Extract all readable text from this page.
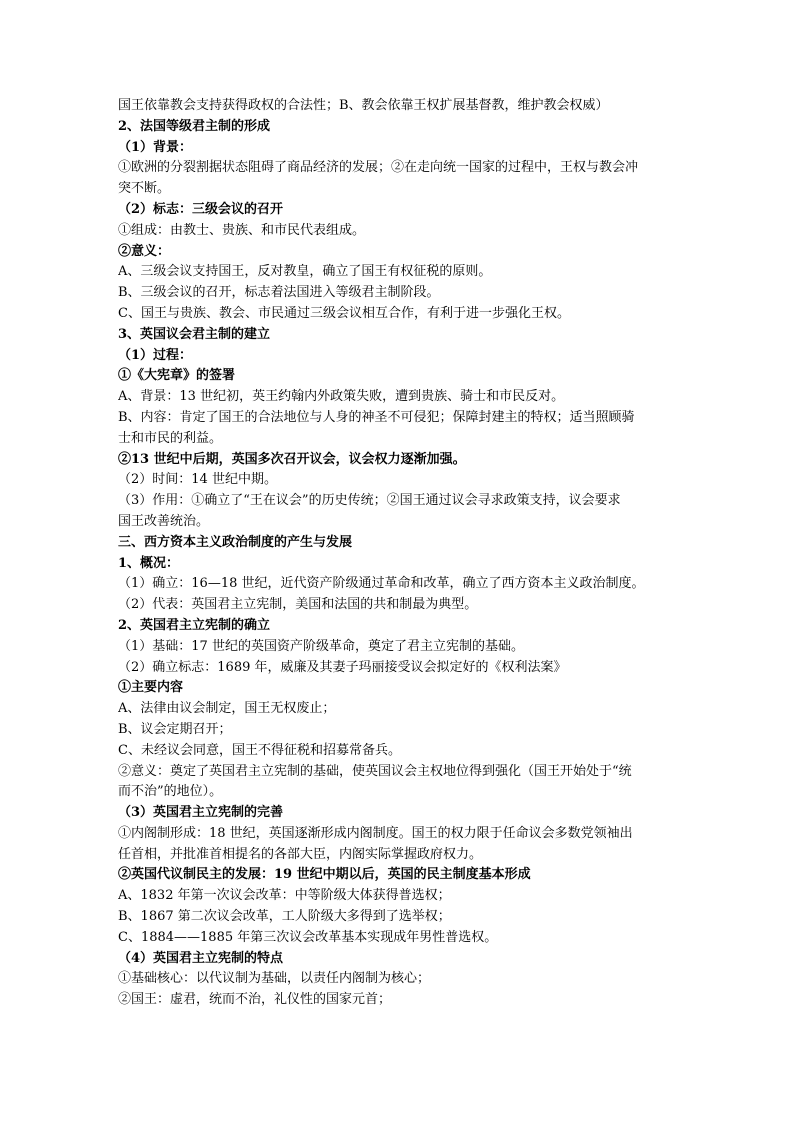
国王依靠教会支持获得政权的合法性；B、教会依靠王权扩展基督教，维护教会权威）
2、法国等级君主制的形成
（1）背景：
①欧洲的分裂割据状态阻碍了商品经济的发展；②在走向统一国家的过程中，王权与教会冲
突不断。
（2）标志：三级会议的召开
①组成：由教士、贵族、和市民代表组成。
②意义：
A、三级会议支持国王，反对教皇，确立了国王有权征税的原则。
B、三级会议的召开，标志着法国进入等级君主制阶段。
C、国王与贵族、教会、市民通过三级会议相互合作，有利于进一步强化王权。
3、英国议会君主制的建立
（1）过程：
①《大宪章》的签署
A、背景：13 世纪初，英王约翰内外政策失败，遭到贵族、骑士和市民反对。
B、内容：肯定了国王的合法地位与人身的神圣不可侵犯；保障封建主的特权；适当照顾骑
士和市民的利益。
②13 世纪中后期，英国多次召开议会，议会权力逐渐加强。
（2）时间：14 世纪中期。
（3）作用：①确立了“王在议会”的历史传统；②国王通过议会寻求政策支持，议会要求
国王改善统治。
三、西方资本主义政治制度的产生与发展
1、概况：
（1）确立：16—18 世纪，近代资产阶级通过革命和改革，确立了西方资本主义政治制度。
（2）代表：英国君主立宪制，美国和法国的共和制最为典型。
2、英国君主立宪制的确立
（1）基础：17 世纪的英国资产阶级革命，奠定了君主立宪制的基础。
（2）确立标志：1689 年，威廉及其妻子玛丽接受议会拟定好的《权利法案》
①主要内容
A、法律由议会制定，国王无权废止；
B、议会定期召开；
C、未经议会同意，国王不得征税和招募常备兵。
②意义：奠定了英国君主立宪制的基础，使英国议会主权地位得到强化（国王开始处于“统
而不治”的地位）。
（3）英国君主立宪制的完善
①内阁制形成：18 世纪，英国逐渐形成内阁制度。国王的权力限于任命议会多数党领袖出
任首相，并批准首相提名的各部大臣，内阁实际掌握政府权力。
②英国代议制民主的发展：19 世纪中期以后，英国的民主制度基本形成
A、1832 年第一次议会改革：中等阶级大体获得普选权；
B、1867 第二次议会改革，工人阶级大多得到了选举权；
C、1884——1885 年第三次议会改革基本实现成年男性普选权。
（4）英国君主立宪制的特点
①基础核心：以代议制为基础，以责任内阁制为核心；
②国王：虚君，统而不治，礼仪性的国家元首；
